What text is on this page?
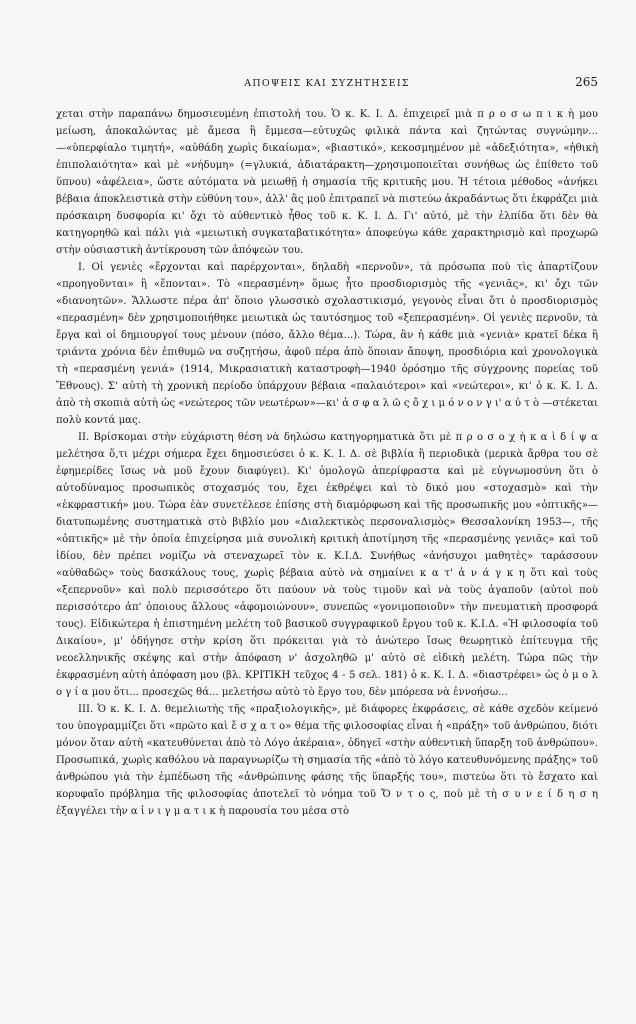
ΑΠΟΨΕΙΣ ΚΑΙ ΣΥΖΗΤΗΣΕΙΣ	265

χεται στὴν παραπάνω δημοσιευμένη ἐπιστολή του. Ὁ κ. Κ. Ι. Δ. ἐπιχειρεῖ μιὰ π ρ ο σ ω π ι κ ὴ μου μείωση, ἀποκαλώντας μὲ ἄμεσα ἢ ἔμμεσα—εὐτυχῶς φιλικὰ πάντα καὶ ζητώντας συγνώμην...—«ὑπερφίαλο τιμητή», «αὐθάδη χωρὶς δικαίωμα», «βιαστικό», κεκοσμημένον μὲ «ἀδεξιότητα», «ἠθικὴ ἐπιπολαιότητα» καὶ μὲ «νήδυμη» (=γλυκιά, ἀδιατάρακτη—χρησιμοποιεῖται συνήθως ὡς ἐπίθετο τοῦ ὕπνου) «ἀφέλεια», ὥστε αὐτόματα νὰ μειωθῇ ἡ σημασία τῆς κριτικῆς μου. Ἡ τέτοια μέθοδος «ἀνήκει βέβαια ἀποκλειστικὰ στὴν εὐθύνη του», ἀλλ' ἂς μοῦ ἐπιτραπεῖ νὰ πιστεύω ἀκραδάντως ὅτι ἐκφράζει μιὰ πρόσκαιρη δυσφορία κι' ὄχι τὸ αὐθεντικὸ ἦθος τοῦ κ. Κ. Ι. Δ. Γι' αὐτό, μὲ τὴν ἐλπίδα ὅτι δὲν θὰ κατηγορηθῶ καὶ πάλι γιὰ «μειωτικὴ συγκαταβατικότητα» ἀποφεύγω κάθε χαρακτηρισμὸ καὶ προχωρῶ στὴν οὐσιαστικὴ ἀντίκρουση τῶν ἀπόψεών του.

Ι. Οἱ γενιὲς «ἔρχονται καὶ παρέρχονται», δηλαδὴ «περνοῦν», τὰ πρόσωπα ποὺ τὶς ἀπαρτίζουν «προηγοῦνται» ἢ «ἕπονται». Τὸ «περασμένη» ὅμως ἦτο προσδιορισμὸς τῆς «γενιᾶς», κι' ὄχι τῶν «διανοητῶν». Ἄλλωστε πέρα ἀπ' ὅποιο γλωσσικὸ σχολαστικισμό, γεγονὸς εἶναι ὅτι ὁ προσδιορισμὸς «περασμένη» δὲν χρησιμοποιήθηκε μειωτικὰ ὡς ταυτόσημος τοῦ «ξεπερασμένη». Οἱ γενιὲς περνοῦν, τὰ ἔργα καὶ οἱ δημιουργοί τους μένουν (πόσο, ἄλλο θέμα...). Τώρα, ἂν ἡ κάθε μιὰ «γενιὰ» κρατεῖ δέκα ἢ τριάντα χρόνια δὲν ἐπιθυμῶ να συζητήσω, ἀφοῦ πέρα ἀπὸ ὅποιαν ἄποψη, προσδιόρια καὶ χρονολογικὰ τὴ «περασμένη γενιά» (1914, Μικρασιατικὴ καταστροφὴ—1940 ὁρόσημο τῆς σύγχρονης πορείας τοῦ Ἔθνους). Σ' αὐτὴ τὴ χρονικὴ περίοδο ὑπάρχουν βέβαια «παλαιότεροι» καὶ «νεώτεροι», κι' ὁ κ. Κ. Ι. Δ. ἀπὸ τὴ σκοπιὰ αὐτὴ ὡς «νεώτερος τῶν νεωτέρων»—κι' ἀ σ φ α λ ῶ ς ὄ χ ι μ ό ν ο ν γ ι' α ὐ τ ὸ —στέκεται πολὺ κοντά μας.

ΙΙ. Βρίσκομαι στὴν εὐχάριστη θέση νὰ δηλώσω κατηγορηματικὰ ὅτι μὲ π ρ ο σ ο χ ὴ κ α ὶ δ ί ψ α μελέτησα ὅ,τι μέχρι σήμερα ἔχει δημοσιεύσει ὁ κ. Κ. Ι. Δ. σὲ βιβλία ἢ περιοδικὰ (μερικὰ ἄρθρα του σὲ ἐφημερίδες ἴσως νὰ μοῦ ἔχουν διαφύγει). Κι' ὁμολογῶ ἀπερίφραστα καὶ μὲ εὐγνωμοσύνη ὅτι ὁ αὐτοδύναμος προσωπικὸς στοχασμός του, ἔχει ἐκθρέψει καὶ τὸ δικό μου «στοχασμὸ» καὶ τὴν «ἐκφραστική» μου. Τώρα ἐὰν συνετέλεσε ἐπίσης στὴ διαμόρφωση καὶ τῆς προσωπικῆς μου «ὀπτικῆς»—διατυπωμένης συστηματικὰ στὸ βιβλίο μου «Διαλεκτικὸς περσοναλισμὸς» Θεσσαλονίκη 1953—, τῆς «ὀπτικῆς» μὲ τὴν ὁποία ἐπιχείρησα μιὰ συνολικὴ κριτικὴ ἀποτίμηση τῆς «περασμένης γενιᾶς» καὶ τοῦ ἰδίου, δὲν πρέπει νομίζω νὰ στεναχωρεῖ τὸν κ. Κ.Ι.Δ. Συνήθως «ἀνήσυχοι μαθητὲς» ταράσσουν «αὐθαδῶς» τοὺς δασκάλους τους, χωρὶς βέβαια αὐτὸ νὰ σημαίνει κ α τ' ἀ ν ά γ κ η ὅτι καὶ τοὺς «ξεπερνοῦν» καὶ πολὺ περισσότερο ὅτι παύουν νὰ τοὺς τιμοῦν καὶ νὰ τοὺς ἀγαποῦν (αὐτοὶ ποὺ περισσότερο ἀπ' ὁποιους ἄλλους «ἀφομοιώνουν», συνεπῶς «γονιμοποιοῦν» τὴν πνευματικὴ προσφορά τους). Εἰδικώτερα ἡ ἐπιστημένη μελέτη τοῦ βασικοῦ συγγραφικοῦ ἔργου τοῦ κ. Κ.Ι.Δ. «Ἡ φιλοσοφία τοῦ Δικαίου», μ' ὁδήγησε στὴν κρίση ὅτι πρόκειται γιὰ τὸ ἀνώτερο ἴσως θεωρητικὸ ἐπίτευγμα τῆς νεοελληνικῆς σκέψης καὶ στὴν ἀπόφαση ν' ἀσχοληθῶ μ' αὐτὸ σὲ εἰδικὴ μελέτη. Τώρα πῶς τὴν ἐκφρασμένη αὐτὴ ἀπόφαση μου (βλ. ΚΡΙΤΙΚΗ τεῦχος 4 - 5 σελ. 181) ὁ κ. Κ. Ι. Δ. «διαστρέφει» ὡς ὁ μ ο λ ο γ ί α μου ὅτι... προσεχῶς θά... μελετήσω αὐτὸ τὸ ἔργο του, δὲν μπόρεσα νὰ ἐννοήσω...

ΙΙΙ. Ὁ κ. Κ. Ι. Δ. θεμελιωτὴς τῆς «πραξιολογικῆς», μὲ διάφορες ἐκφράσεις, σὲ κάθε σχεδὸν κείμενό του ὑπογραμμίζει ὅτι «πρῶτο καὶ ἔ σ χ α τ ο» θέμα τῆς φιλοσοφίας εἶναι ἡ «πράξη» τοῦ ἀνθρώπου, διότι μόνον ὅταν αὐτὴ «κατευθύνεται ἀπὸ τὸ Λόγο ἀκέραια», ὁδηγεῖ «στὴν αὐθεντικὴ ὕπαρξη τοῦ ἀνθρώπου». Προσωπικά, χωρὶς καθόλου νὰ παραγνωρίζω τὴ σημασία τῆς «ἀπὸ τὸ λόγο κατευθυνόμενης πράξης» τοῦ ἀνθρώπου γιὰ τὴν ἐμπέδωση τῆς «ἀνθρώπινης φάσης τῆς ὕπαρξής του», πιστεύω ὅτι τὸ ἔσχατο καὶ κορυφαῖο πρόβλημα τῆς φιλοσοφίας ἀποτελεῖ τὸ νόημα τοῦ Ὄ ν τ ο ς, ποὺ μὲ τὴ σ υ ν ε ί δ η σ η ἐξαγγέλει τὴν α ἰ ν ι γ μ α τ ι κ ὴ παρουσία του μέσα στὸ
